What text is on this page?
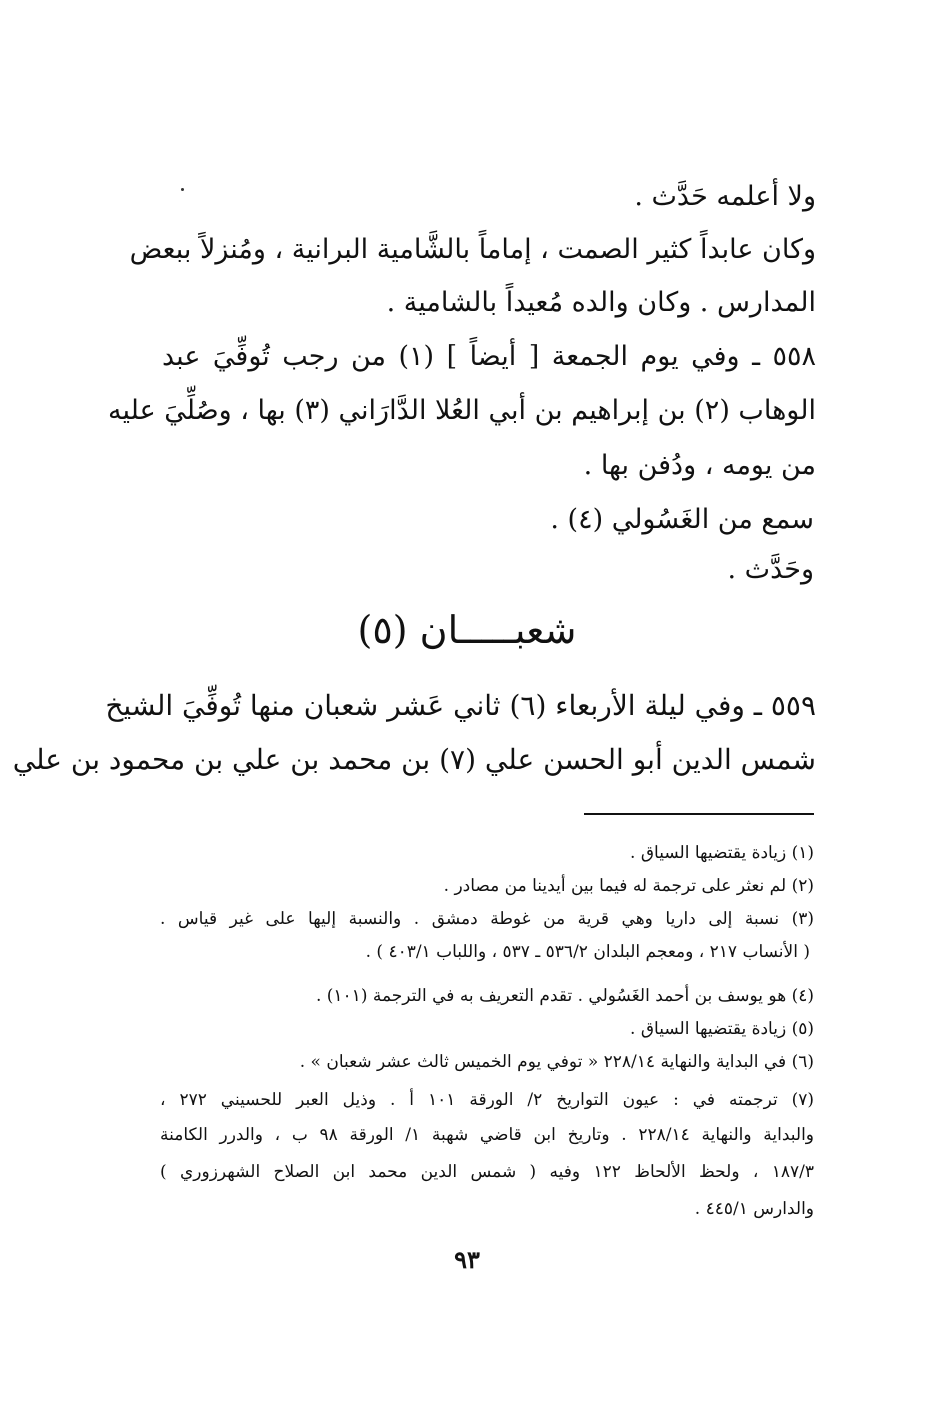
ولا أعلمه حَدَّث .
وكان عابداً كثير الصمت ، إماماً بالشَّامية البرانية ، ومُنزلاً ببعض
المدارس . وكان والده مُعيداً بالشامية .
٥٥٨ ـ وفي يوم الجمعة [ أيضاً ] (١) من رجب تُوفِّيَ عبد
الوهاب (٢) بن إبراهيم بن أبي العُلا الدَّارَاني (٣) بها ، وصُلِّيَ عليه
من يومه ، ودُفن بها .
سمع من الغَسُولي (٤) .
وحَدَّث .
شعبـــــان (٥)
٥٥٩ ـ وفي ليلة الأربعاء (٦) ثاني عَشر شعبان منها تُوفِّيَ الشيخ
شمس الدين أبو الحسن علي (٧) بن محمد بن علي بن محمود بن علي
(١) زيادة يقتضيها السياق .
(٢) لم نعثر على ترجمة له فيما بين أيدينا من مصادر .
(٣) نسبة إلى داريا وهي قرية من غوطة دمشق . والنسبة إليها على غير قياس .
( الأنساب ٢١٧ ، ومعجم البلدان ٥٣٦/٢ ـ ٥٣٧ ، واللباب ٤٠٣/١ ) .
(٤) هو يوسف بن أحمد الغَسُولي . تقدم التعريف به في الترجمة (١٠١) .
(٥) زيادة يقتضيها السياق .
(٦) في البداية والنهاية ٢٢٨/١٤ « توفي يوم الخميس ثالث عشر شعبان » .
(٧) ترجمته في : عيون التواريخ ٢/ الورقة ١٠١ أ . وذيل العبر للحسيني ٢٧٢ ،
والبداية والنهاية ٢٢٨/١٤ . وتاريخ ابن قاضي شهبة ١/ الورقة ٩٨ ب ، والدرر الكامنة
١٨٧/٣ ، ولحظ الألحاظ ١٢٢ وفيه ( شمس الدين محمد ابن الصلاح الشهرزوري )
والدارس ٤٤٥/١ .
٩٣
